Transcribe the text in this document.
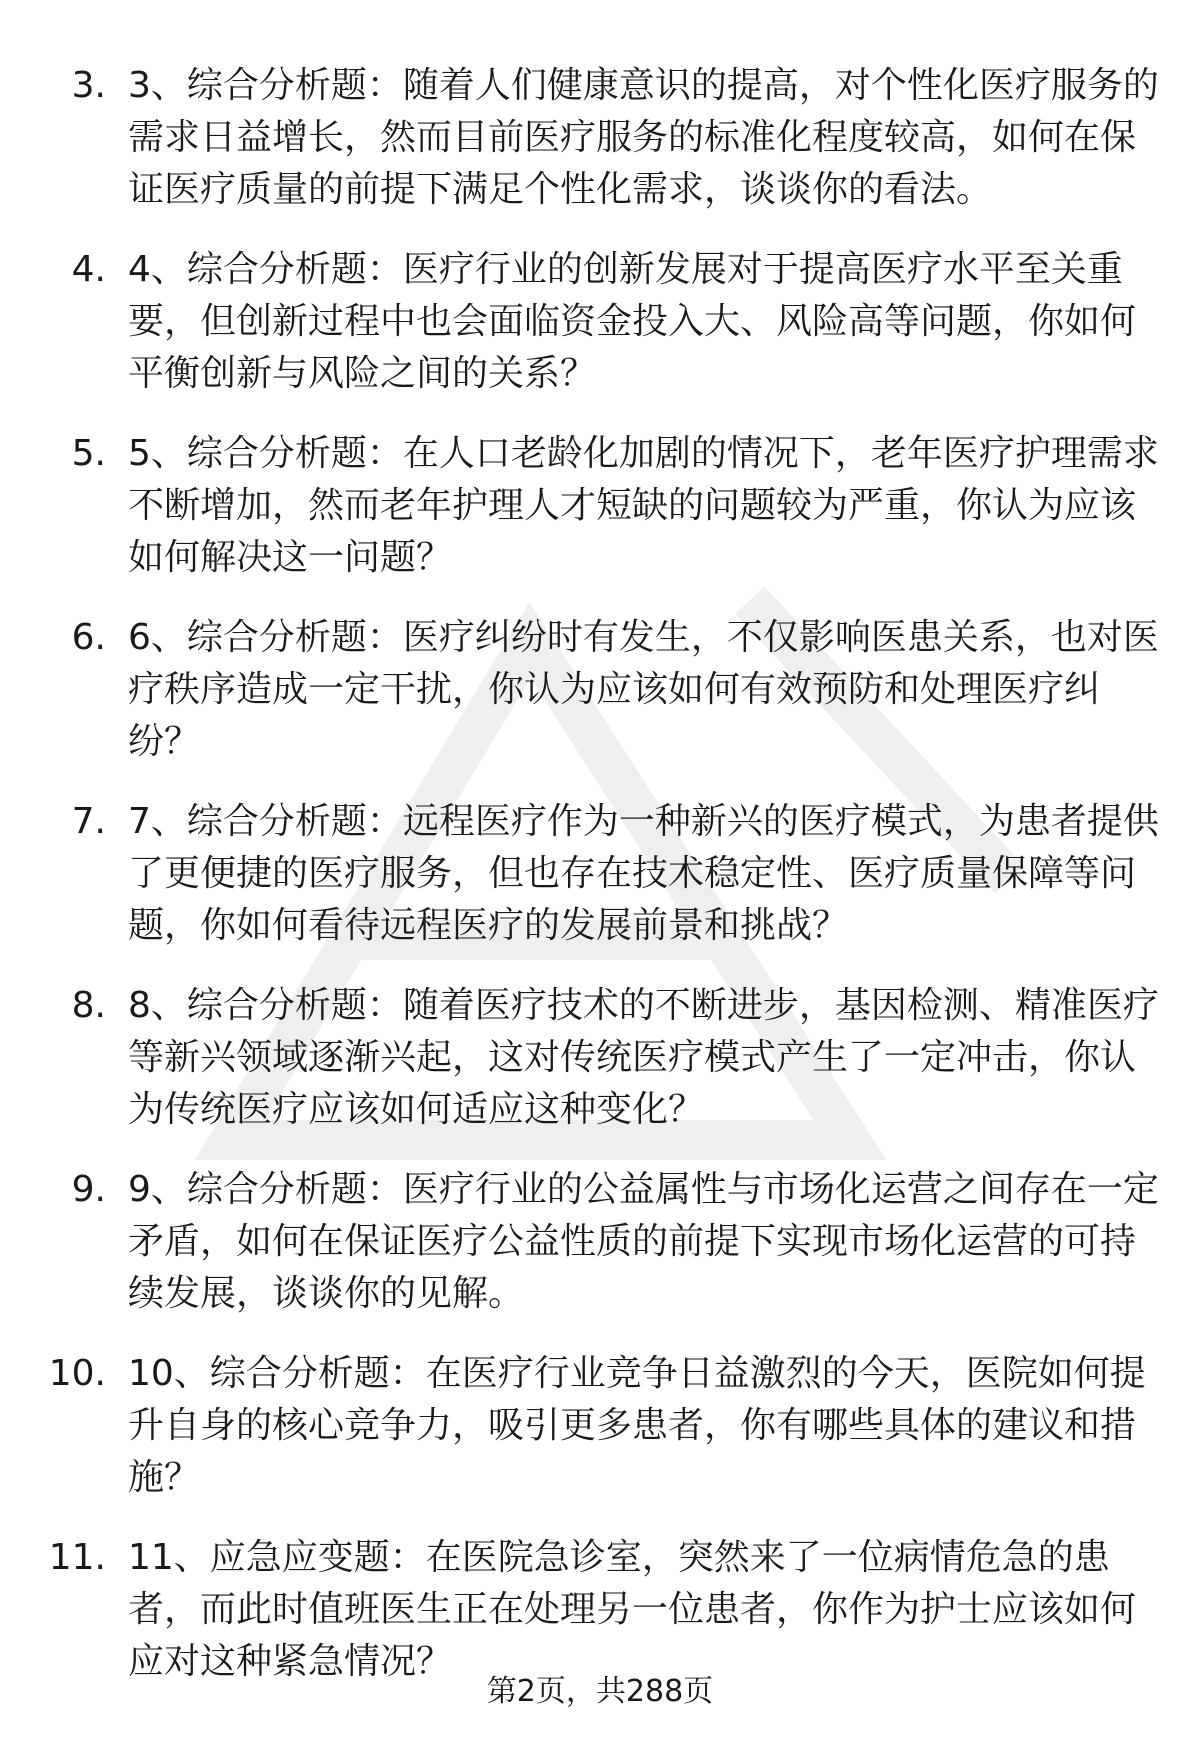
3. 3、综合分析题：随着人们健康意识的提高，对个性化医疗服务的需求日益增长，然而目前医疗服务的标准化程度较高，如何在保证医疗质量的前提下满足个性化需求，谈谈你的看法。
4. 4、综合分析题：医疗行业的创新发展对于提高医疗水平至关重要，但创新过程中也会面临资金投入大、风险高等问题，你如何平衡创新与风险之间的关系？
5. 5、综合分析题：在人口老龄化加剧的情况下，老年医疗护理需求不断增加，然而老年护理人才短缺的问题较为严重，你认为应该如何解决这一问题？
6. 6、综合分析题：医疗纠纷时有发生，不仅影响医患关系，也对医疗秩序造成一定干扰，你认为应该如何有效预防和处理医疗纠纷？
7. 7、综合分析题：远程医疗作为一种新兴的医疗模式，为患者提供了更便捷的医疗服务，但也存在技术稳定性、医疗质量保障等问题，你如何看待远程医疗的发展前景和挑战？
8. 8、综合分析题：随着医疗技术的不断进步，基因检测、精准医疗等新兴领域逐渐兴起，这对传统医疗模式产生了一定冲击，你认为传统医疗应该如何适应这种变化？
9. 9、综合分析题：医疗行业的公益属性与市场化运营之间存在一定矛盾，如何在保证医疗公益性质的前提下实现市场化运营的可持续发展，谈谈你的见解。
10. 10、综合分析题：在医疗行业竞争日益激烈的今天，医院如何提升自身的核心竞争力，吸引更多患者，你有哪些具体的建议和措施？
11. 11、应急应变题：在医院急诊室，突然来了一位病情危急的患者，而此时值班医生正在处理另一位患者，你作为护士应该如何应对这种紧急情况？
第2页，共288页
